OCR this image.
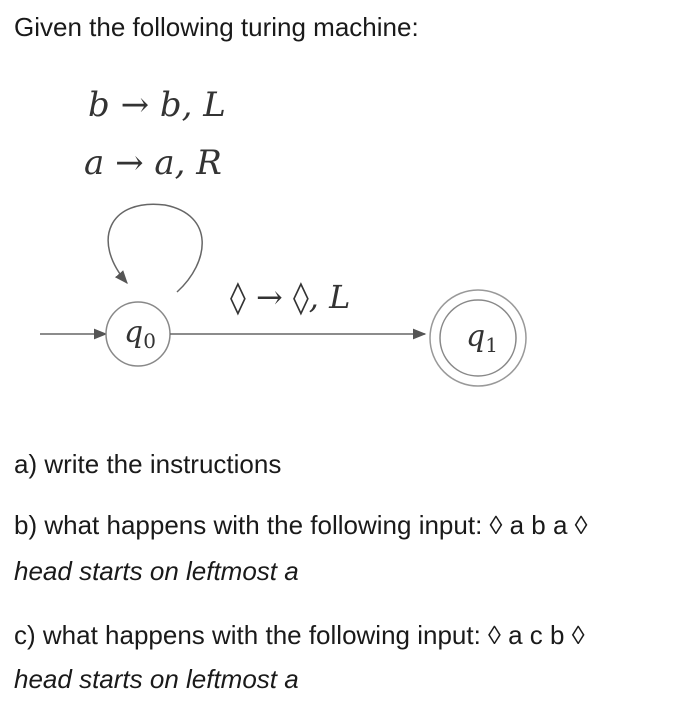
Given the following turing machine:
b → b, L
a → a, R
$q_0$
◊ → ◊, L
$q_1$
a) write the instructions
b) what happens with the following input: ◊ a b a ◊
head starts on leftmost a
c) what happens with the following input: ◊ a c b ◊
head starts on leftmost a
